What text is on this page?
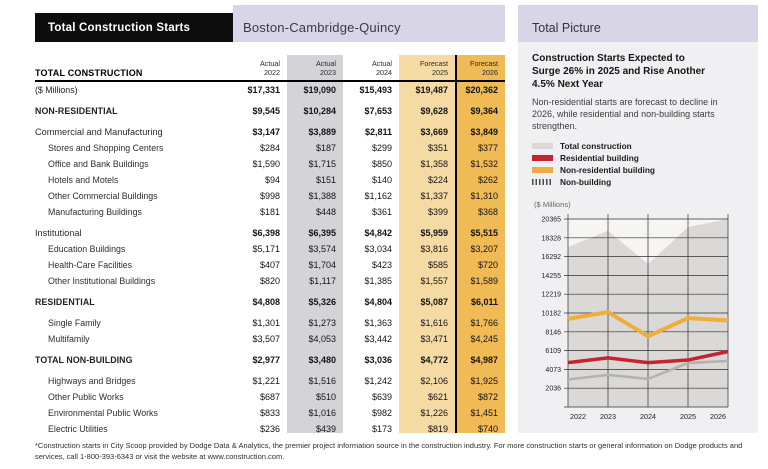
Boston-Cambridge-Quincy
Total Construction Starts
TOTAL CONSTRUCTION
Actual
2022
Actual
2023
Actual
2024
Forecast
2025
Forecast
2026
($ Millions)	$17,331	$19,090	$15,493	$19,487	$20,362
NON-RESIDENTIAL	$9,545	$10,284	$7,653	$9,628	$9,364
Commercial and Manufacturing	$3,147	$3,889	$2,811	$3,669	$3,849
Stores and Shopping Centers	$284	$187	$299	$351	$377
Office and Bank Buildings	$1,590	$1,715	$850	$1,358	$1,532
Hotels and Motels	$94	$151	$140	$224	$262
Other Commercial Buildings	$998	$1,388	$1,162	$1,337	$1,310
Manufacturing Buildings	$181	$448	$361	$399	$368
Institutional	$6,398	$6,395	$4,842	$5,959	$5,515
Education Buildings	$5,171	$3,574	$3,034	$3,816	$3,207
Health-Care Facilities	$407	$1,704	$423	$585	$720
Other Institutional Buildings	$820	$1,117	$1,385	$1,557	$1,589
RESIDENTIAL	$4,808	$5,326	$4,804	$5,087	$6,011
Single Family	$1,301	$1,273	$1,363	$1,616	$1,766
Multifamily	$3,507	$4,053	$3,442	$3,471	$4,245
TOTAL NON-BUILDING	$2,977	$3,480	$3,036	$4,772	$4,987
Highways and Bridges	$1,221	$1,516	$1,242	$2,106	$1,925
Other Public Works	$687	$510	$639	$621	$872
Environmental Public Works	$833	$1,016	$982	$1,226	$1,451
Electric Utilities	$236	$439	$173	$819	$740
Total Picture
Construction Starts Expected to Surge 26% in 2025 and Rise Another 4.5% Next Year
Non-residential starts are forecast to decline in 2026, while residential and non-building starts strengthen.
Total construction
Residential building
Non-residential building
Non-building
($ Millions)
2036
4073
6109
8146
10182
12219
14255
16292
18328
20365
2022 2023	2024	2025 2026
*Construction starts in City Scoop provided by Dodge Data & Analytics, the premier project information source in the construction industry. For more construction starts or general information on Dodge products and services, call 1-800-393-6343 or visit the website at www.construction.com.
